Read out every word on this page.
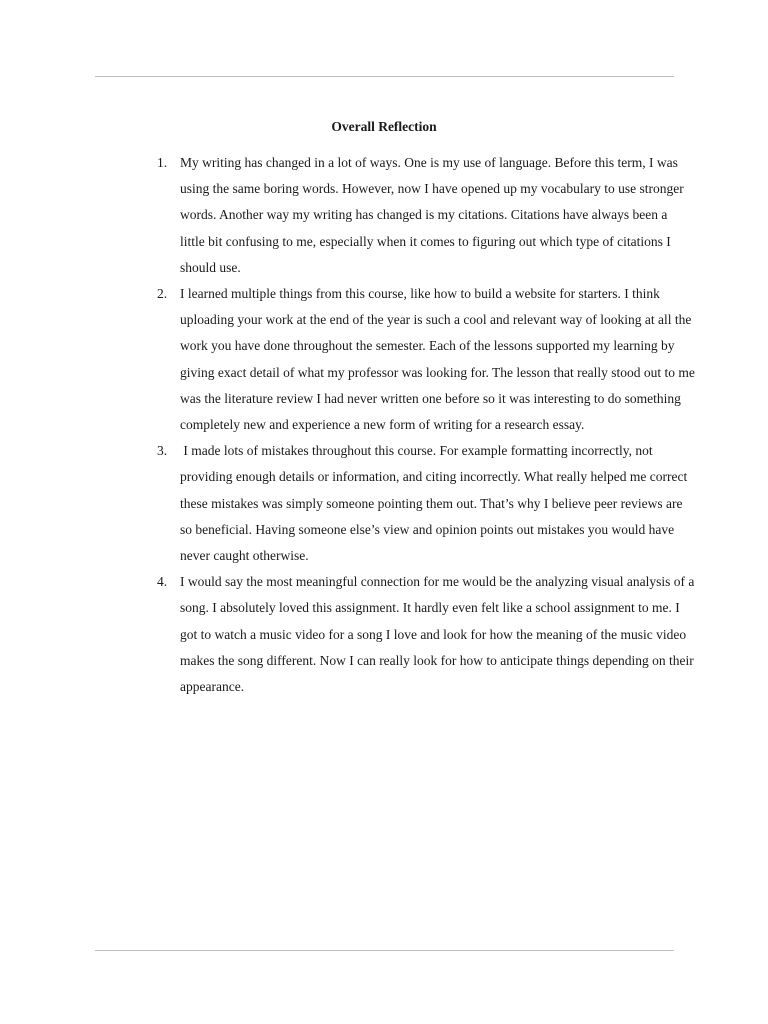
Overall Reflection
1. My writing has changed in a lot of ways. One is my use of language. Before this term, I was using the same boring words. However, now I have opened up my vocabulary to use stronger words. Another way my writing has changed is my citations. Citations have always been a little bit confusing to me, especially when it comes to figuring out which type of citations I should use.
2. I learned multiple things from this course, like how to build a website for starters. I think uploading your work at the end of the year is such a cool and relevant way of looking at all the work you have done throughout the semester. Each of the lessons supported my learning by giving exact detail of what my professor was looking for. The lesson that really stood out to me was the literature review I had never written one before so it was interesting to do something completely new and experience a new form of writing for a research essay.
3. I made lots of mistakes throughout this course. For example formatting incorrectly, not providing enough details or information, and citing incorrectly. What really helped me correct these mistakes was simply someone pointing them out. That’s why I believe peer reviews are so beneficial. Having someone else’s view and opinion points out mistakes you would have never caught otherwise.
4. I would say the most meaningful connection for me would be the analyzing visual analysis of a song. I absolutely loved this assignment. It hardly even felt like a school assignment to me. I got to watch a music video for a song I love and look for how the meaning of the music video makes the song different. Now I can really look for how to anticipate things depending on their appearance.
